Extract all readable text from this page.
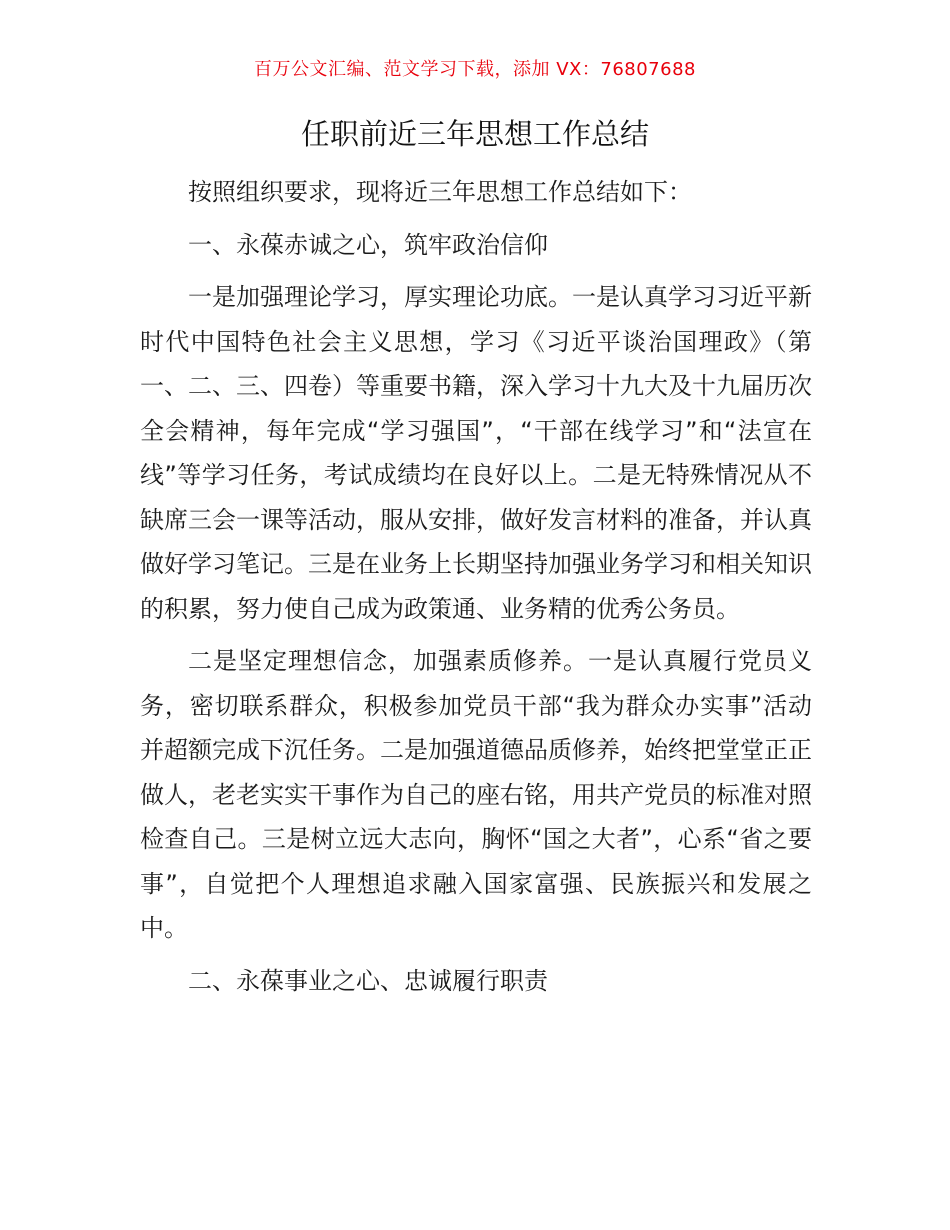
百万公文汇编、范文学习下载，添加 VX：76807688
任职前近三年思想工作总结

按照组织要求，现将近三年思想工作总结如下：

一、永葆赤诚之心，筑牢政治信仰

一是加强理论学习，厚实理论功底。一是认真学习习近平新时代中国特色社会主义思想，学习《习近平谈治国理政》（第一、二、三、四卷）等重要书籍，深入学习十九大及十九届历次全会精神，每年完成“学习强国”，“干部在线学习”和“法宣在线”等学习任务，考试成绩均在良好以上。二是无特殊情况从不缺席三会一课等活动，服从安排，做好发言材料的准备，并认真做好学习笔记。三是在业务上长期坚持加强业务学习和相关知识的积累，努力使自己成为政策通、业务精的优秀公务员。

二是坚定理想信念，加强素质修养。一是认真履行党员义务，密切联系群众，积极参加党员干部“我为群众办实事”活动并超额完成下沉任务。二是加强道德品质修养，始终把堂堂正正做人，老老实实干事作为自己的座右铭，用共产党员的标准对照检查自己。三是树立远大志向，胸怀“国之大者”，心系“省之要事”，自觉把个人理想追求融入国家富强、民族振兴和发展之中。

二、永葆事业之心、忠诚履行职责
